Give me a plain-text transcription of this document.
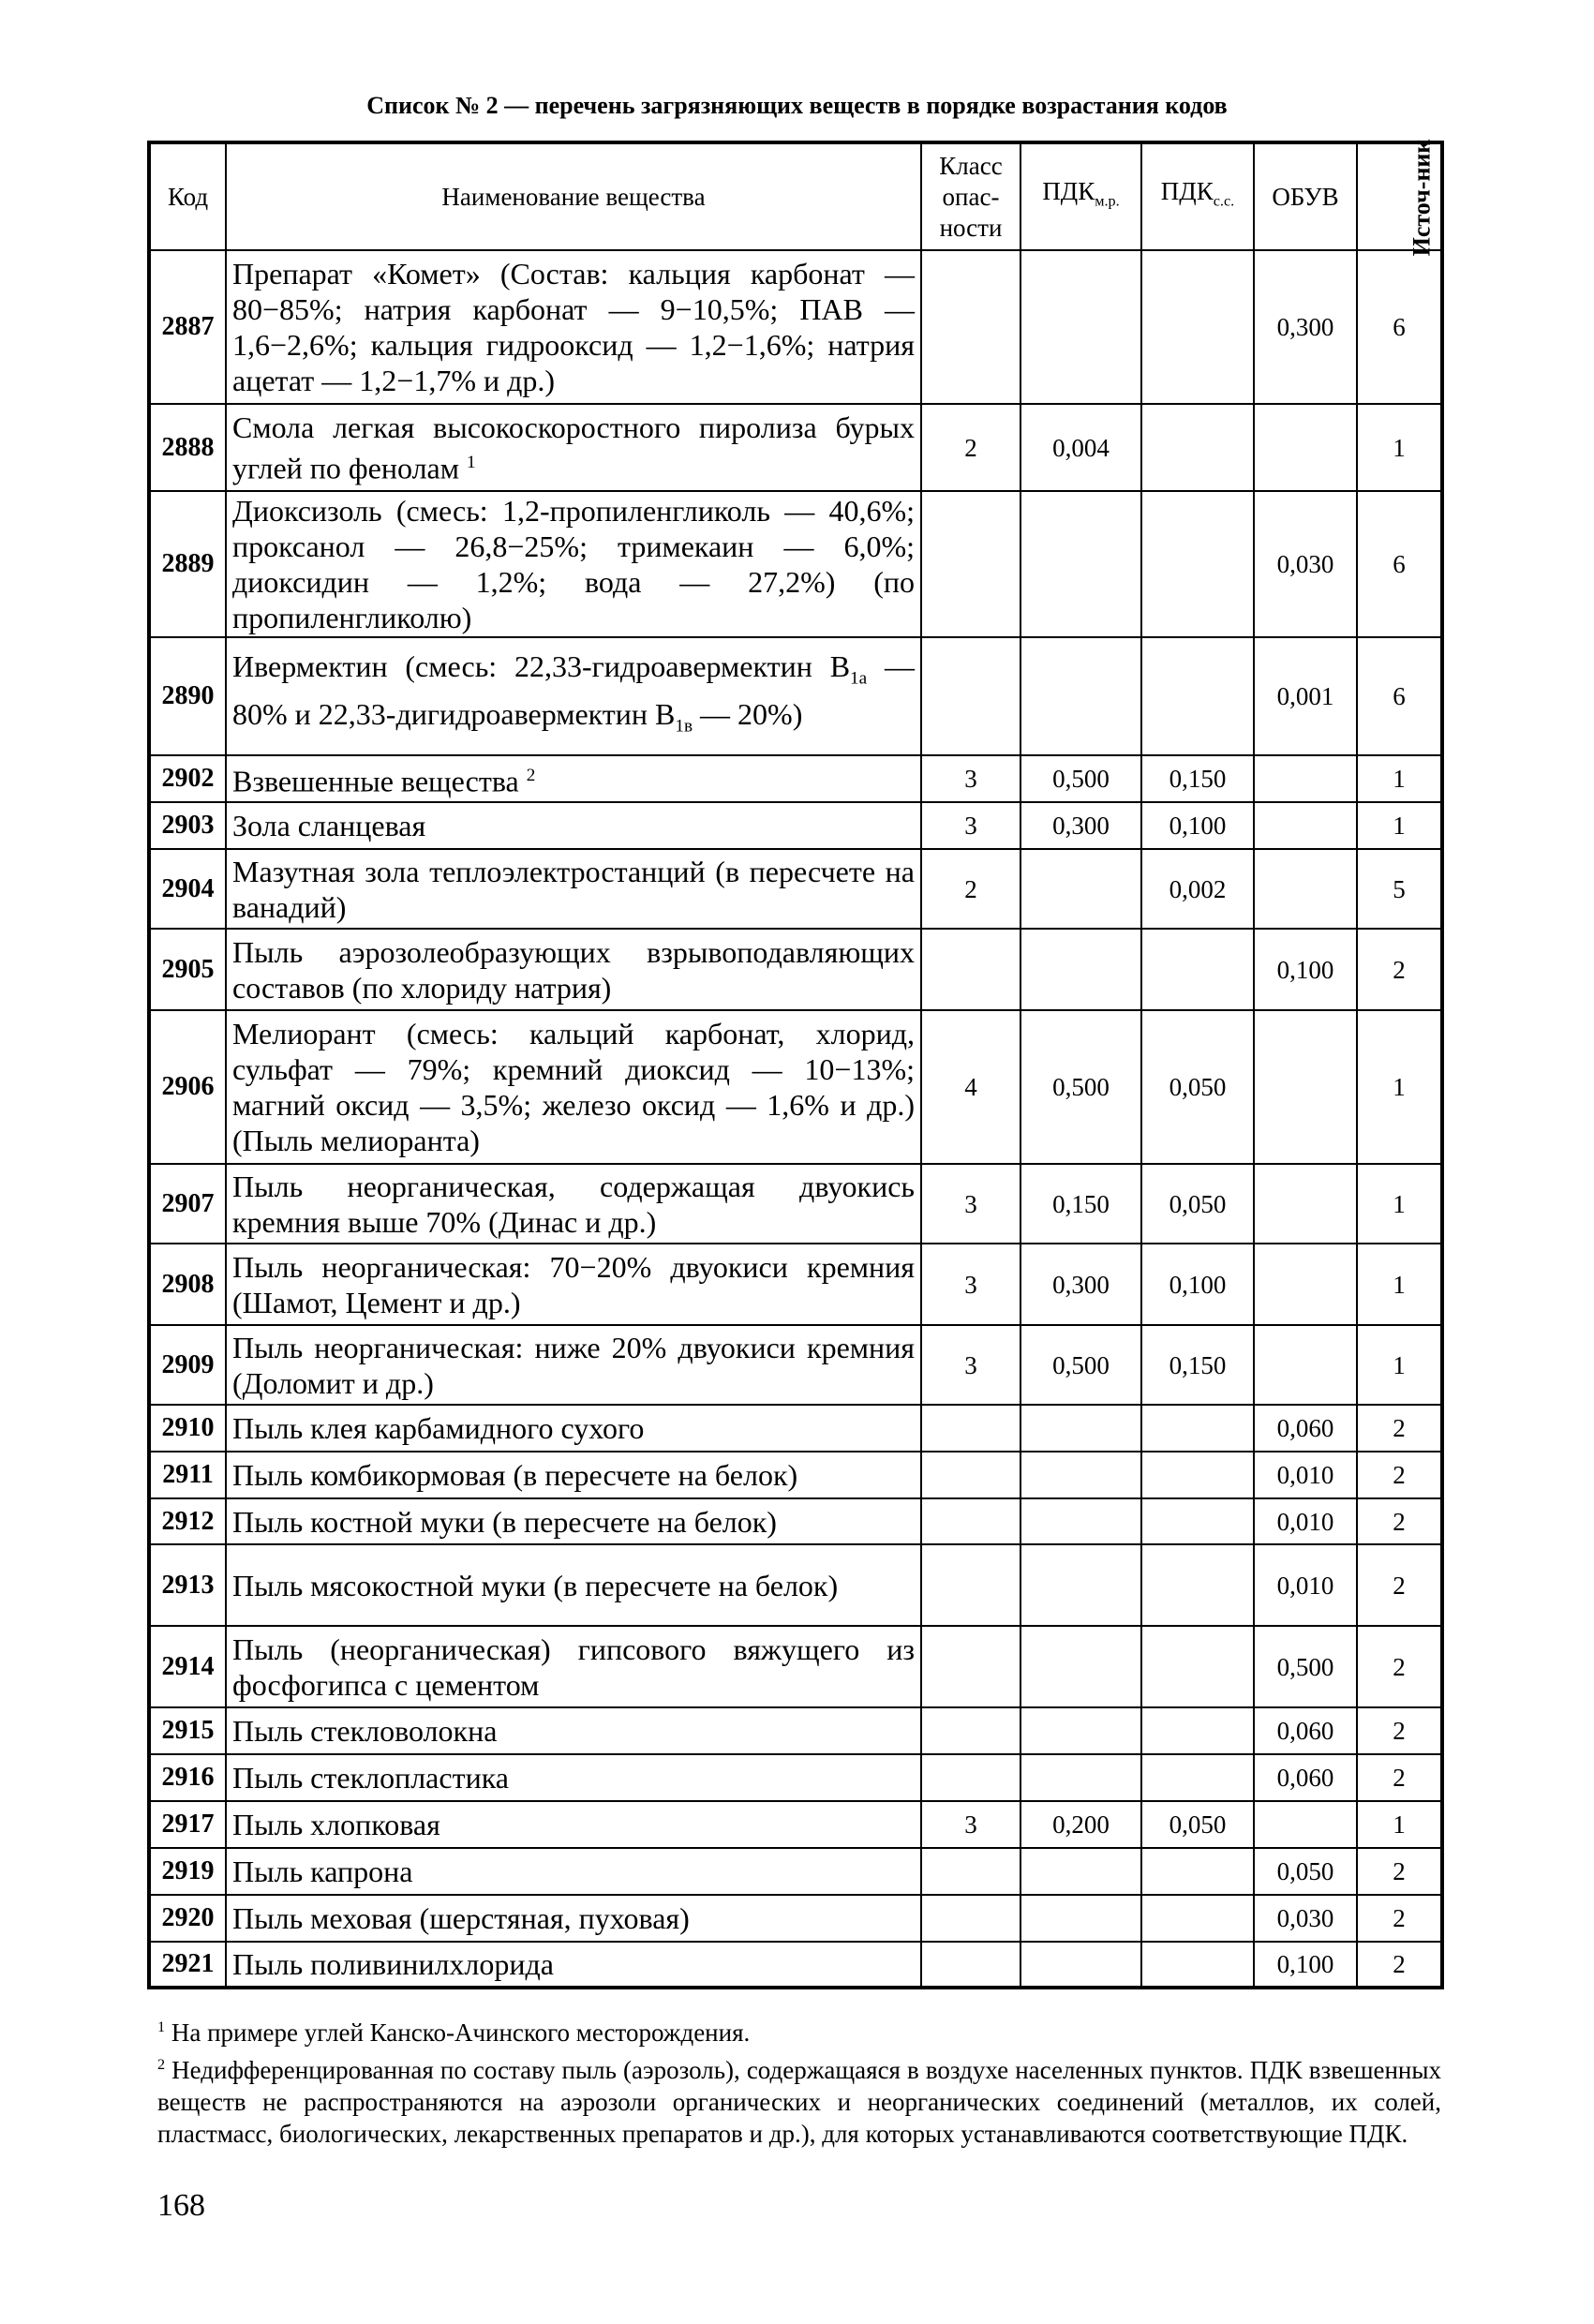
Список № 2 — перечень загрязняющих веществ в порядке возрастания кодов
Код	Наименование вещества	Класс опас-ности	$ПДК_{м.р.}$	$ПДК_{с.с.}$	ОБУВ	Источ-ник
2887	Препарат «Комет» (Состав: кальция карбонат — 80−85%; натрия карбонат — 9−10,5%; ПАВ — 1,6−2,6%; кальция гидрооксид — 1,2−1,6%; натрия ацетат — 1,2−1,7% и др.)				0,300	6
2888	Смола легкая высокоскоростного пиролиза бурых углей по фенолам $^1$	2	0,004			1
2889	Диоксизоль (смесь: 1,2-пропиленгликоль — 40,6%; проксанол — 26,8−25%; тримекаин — 6,0%; диоксидин — 1,2%; вода — 27,2%) (по пропиленгликолю)				0,030	6
2890	Ивермектин (смесь: 22,33-гидроавермектин $B_{1a}$ — 80% и 22,33-дигидроавермектин $B_{1в}$ — 20%)				0,001	6
2902	Взвешенные вещества $^2$	3	0,500	0,150		1
2903	Зола сланцевая	3	0,300	0,100		1
2904	Мазутная зола теплоэлектростанций (в пересчете на ванадий)	2		0,002		5
2905	Пыль аэрозолеобразующих взрывоподавляющих составов (по хлориду натрия)				0,100	2
2906	Мелиорант (смесь: кальций карбонат, хлорид, сульфат — 79%; кремний диоксид — 10−13%; магний оксид — 3,5%; железо оксид — 1,6% и др.) (Пыль мелиоранта)	4	0,500	0,050		1
2907	Пыль неорганическая, содержащая двуокись кремния выше 70% (Динас и др.)	3	0,150	0,050		1
2908	Пыль неорганическая: 70−20% двуокиси кремния (Шамот, Цемент и др.)	3	0,300	0,100		1
2909	Пыль неорганическая: ниже 20% двуокиси кремния (Доломит и др.)	3	0,500	0,150		1
2910	Пыль клея карбамидного сухого				0,060	2
2911	Пыль комбикормовая (в пересчете на белок)				0,010	2
2912	Пыль костной муки (в пересчете на белок)				0,010	2
2913	Пыль мясокостной муки (в пересчете на белок)				0,010	2
2914	Пыль (неорганическая) гипсового вяжущего из фосфогипса с цементом				0,500	2
2915	Пыль стекловолокна				0,060	2
2916	Пыль стеклопластика				0,060	2
2917	Пыль хлопковая	3	0,200	0,050		1
2919	Пыль капрона				0,050	2
2920	Пыль меховая (шерстяная, пуховая)				0,030	2
2921	Пыль поливинилхлорида				0,100	2
$^1$ На примере углей Канско-Ачинского месторождения.
$^2$ Недифференцированная по составу пыль (аэрозоль), содержащаяся в воздухе населенных пунктов. ПДК взвешенных веществ не распространяются на аэрозоли органических и неорганических соединений (металлов, их солей, пластмасс, биологических, лекарственных препаратов и др.), для которых устанавливаются соответствующие ПДК.
168
